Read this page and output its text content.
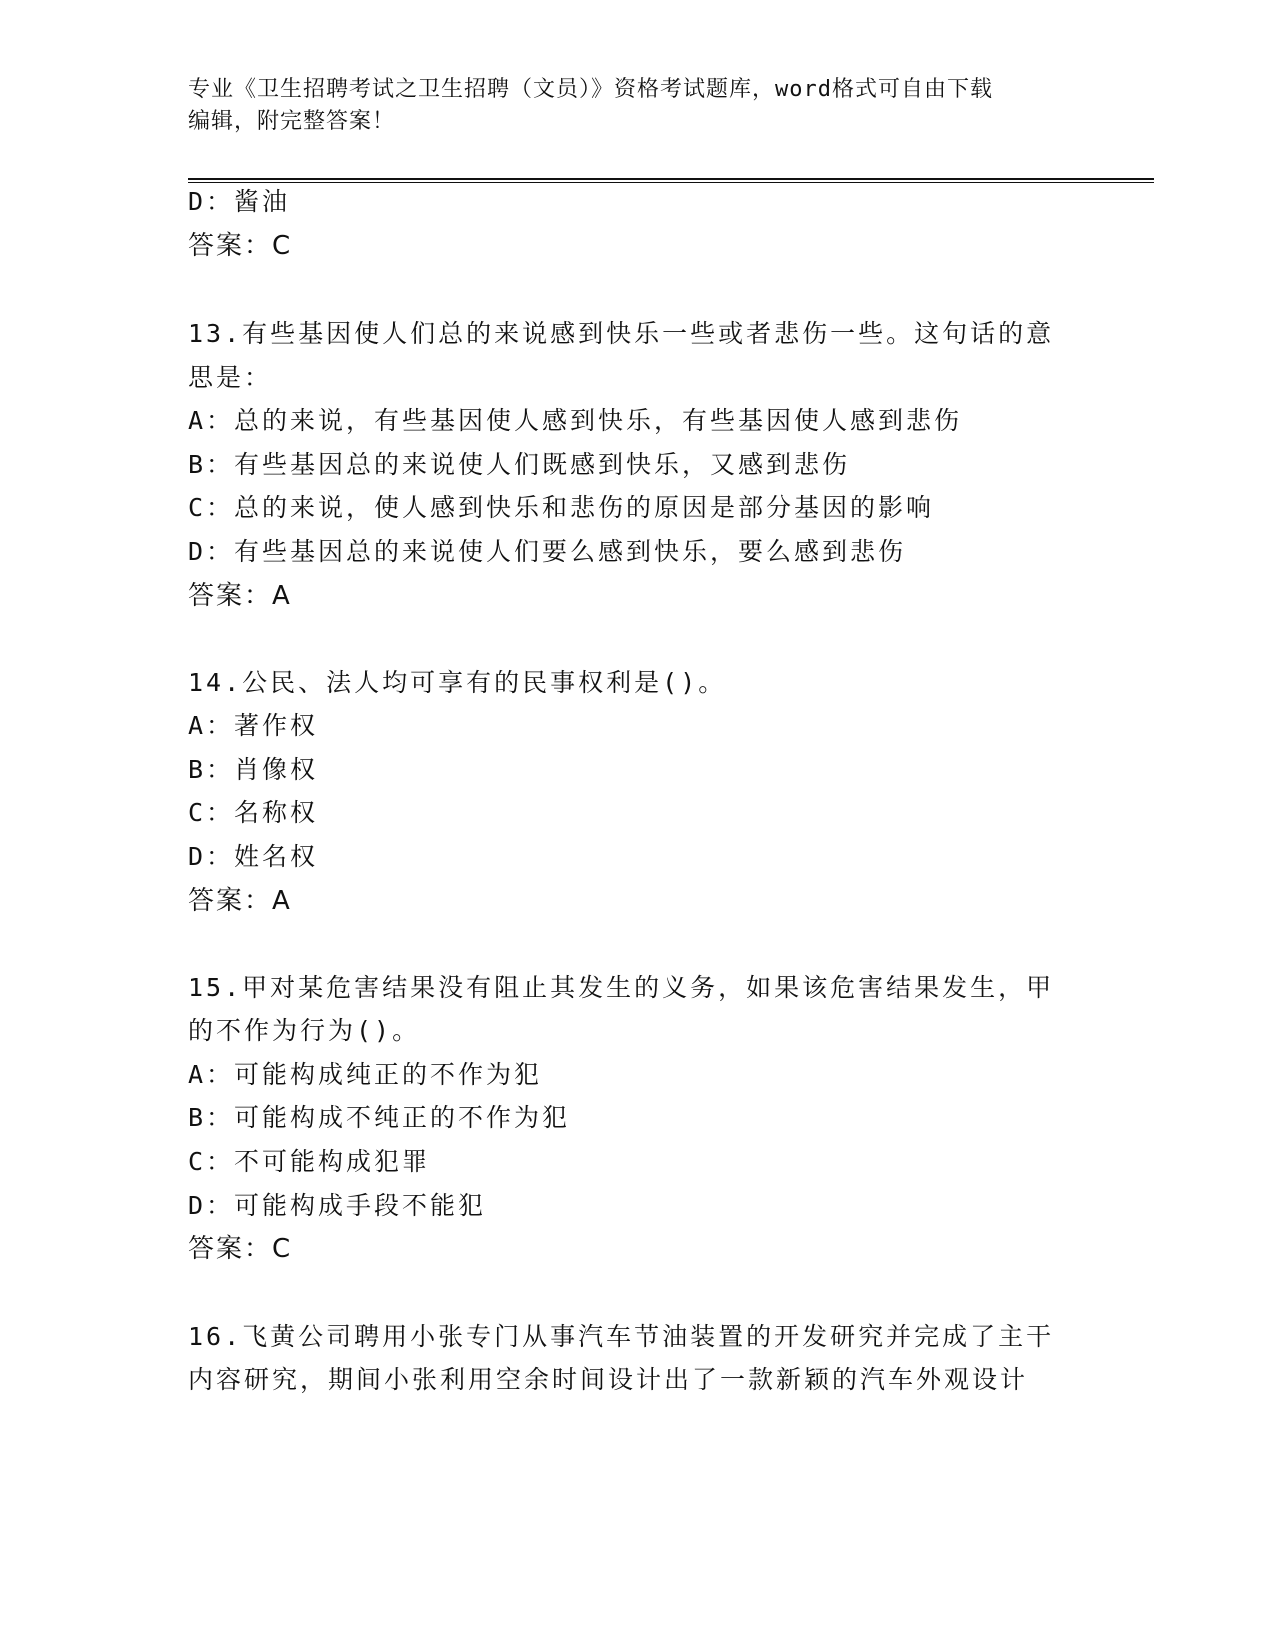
专业《卫生招聘考试之卫生招聘（文员）》资格考试题库，word格式可自由下载
编辑，附完整答案！
D：酱油
答案：C
13.有些基因使人们总的来说感到快乐一些或者悲伤一些。这句话的意
思是：
A：总的来说，有些基因使人感到快乐，有些基因使人感到悲伤
B：有些基因总的来说使人们既感到快乐，又感到悲伤
C：总的来说，使人感到快乐和悲伤的原因是部分基因的影响
D：有些基因总的来说使人们要么感到快乐，要么感到悲伤
答案：A
14.公民、法人均可享有的民事权利是()。
A：著作权
B：肖像权
C：名称权
D：姓名权
答案：A
15.甲对某危害结果没有阻止其发生的义务，如果该危害结果发生，甲
的不作为行为()。
A：可能构成纯正的不作为犯
B：可能构成不纯正的不作为犯
C：不可能构成犯罪
D：可能构成手段不能犯
答案：C
16.飞黄公司聘用小张专门从事汽车节油装置的开发研究并完成了主干
内容研究，期间小张利用空余时间设计出了一款新颖的汽车外观设计
